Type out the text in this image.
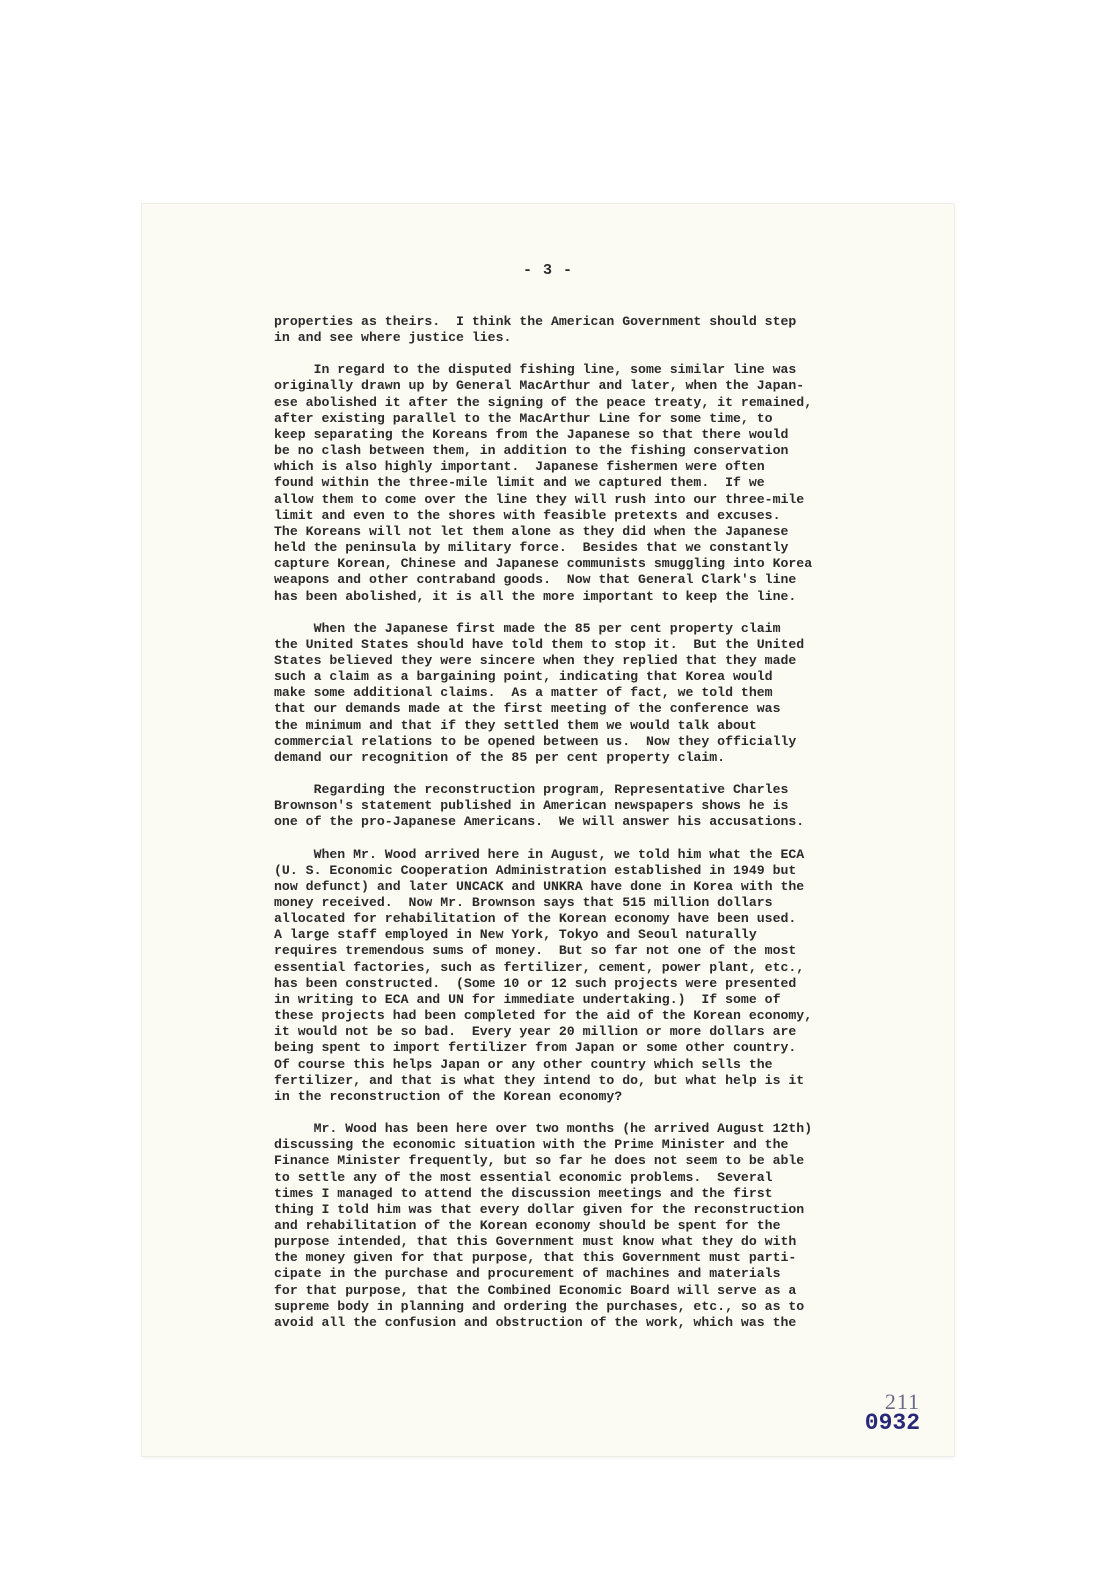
- 3 -
properties as theirs.  I think the American Government should step
in and see where justice lies.
In regard to the disputed fishing line, some similar line was
originally drawn up by General MacArthur and later, when the Japan-
ese abolished it after the signing of the peace treaty, it remained,
after existing parallel to the MacArthur Line for some time, to
keep separating the Koreans from the Japanese so that there would
be no clash between them, in addition to the fishing conservation
which is also highly important.  Japanese fishermen were often
found within the three-mile limit and we captured them.  If we
allow them to come over the line they will rush into our three-mile
limit and even to the shores with feasible pretexts and excuses.
The Koreans will not let them alone as they did when the Japanese
held the peninsula by military force.  Besides that we constantly
capture Korean, Chinese and Japanese communists smuggling into Korea
weapons and other contraband goods.  Now that General Clark's line
has been abolished, it is all the more important to keep the line.
When the Japanese first made the 85 per cent property claim
the United States should have told them to stop it.  But the United
States believed they were sincere when they replied that they made
such a claim as a bargaining point, indicating that Korea would
make some additional claims.  As a matter of fact, we told them
that our demands made at the first meeting of the conference was
the minimum and that if they settled them we would talk about
commercial relations to be opened between us.  Now they officially
demand our recognition of the 85 per cent property claim.
Regarding the reconstruction program, Representative Charles
Brownson's statement published in American newspapers shows he is
one of the pro-Japanese Americans.  We will answer his accusations.
When Mr. Wood arrived here in August, we told him what the ECA
(U. S. Economic Cooperation Administration established in 1949 but
now defunct) and later UNCACK and UNKRA have done in Korea with the
money received.  Now Mr. Brownson says that 515 million dollars
allocated for rehabilitation of the Korean economy have been used.
A large staff employed in New York, Tokyo and Seoul naturally
requires tremendous sums of money.  But so far not one of the most
essential factories, such as fertilizer, cement, power plant, etc.,
has been constructed.  (Some 10 or 12 such projects were presented
in writing to ECA and UN for immediate undertaking.)  If some of
these projects had been completed for the aid of the Korean economy,
it would not be so bad.  Every year 20 million or more dollars are
being spent to import fertilizer from Japan or some other country.
Of course this helps Japan or any other country which sells the
fertilizer, and that is what they intend to do, but what help is it
in the reconstruction of the Korean economy?
Mr. Wood has been here over two months (he arrived August 12th)
discussing the economic situation with the Prime Minister and the
Finance Minister frequently, but so far he does not seem to be able
to settle any of the most essential economic problems.  Several
times I managed to attend the discussion meetings and the first
thing I told him was that every dollar given for the reconstruction
and rehabilitation of the Korean economy should be spent for the
purpose intended, that this Government must know what they do with
the money given for that purpose, that this Government must parti-
cipate in the purchase and procurement of machines and materials
for that purpose, that the Combined Economic Board will serve as a
supreme body in planning and ordering the purchases, etc., so as to
avoid all the confusion and obstruction of the work, which was the
211
0932
